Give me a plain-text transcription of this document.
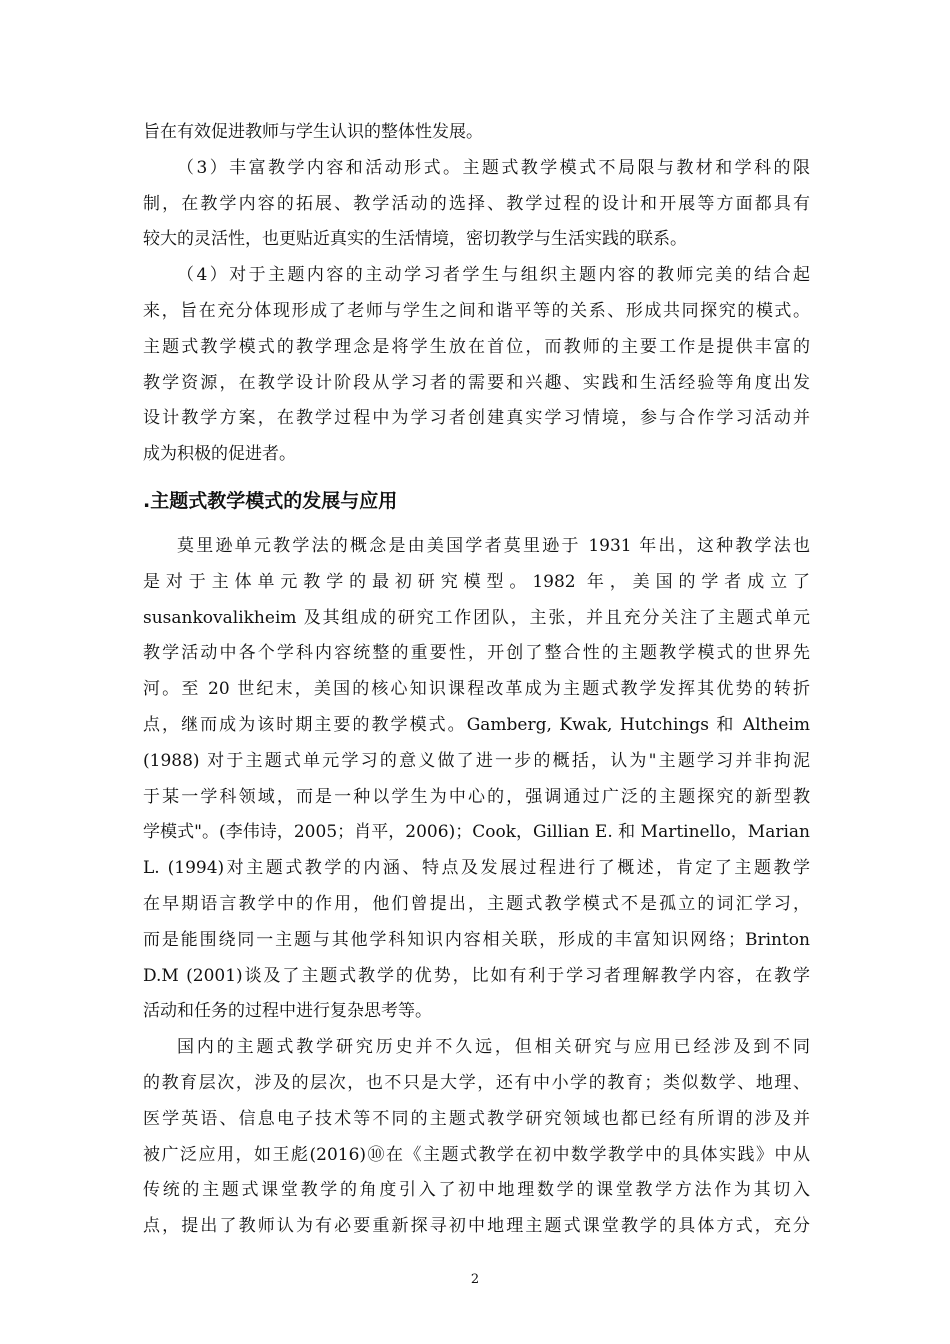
旨在有效促进教师与学生认识的整体性发展。
（3）丰富教学内容和活动形式。主题式教学模式不局限与教材和学科的限
制，在教学内容的拓展、教学活动的选择、教学过程的设计和开展等方面都具有
较大的灵活性，也更贴近真实的生活情境，密切教学与生活实践的联系。
（4）对于主题内容的主动学习者学生与组织主题内容的教师完美的结合起
来，旨在充分体现形成了老师与学生之间和谐平等的关系、形成共同探究的模式。
主题式教学模式的教学理念是将学生放在首位，而教师的主要工作是提供丰富的
教学资源，在教学设计阶段从学习者的需要和兴趣、实践和生活经验等角度出发
设计教学方案，在教学过程中为学习者创建真实学习情境，参与合作学习活动并
成为积极的促进者。
.主题式教学模式的发展与应用
莫里逊单元教学法的概念是由美国学者莫里逊于 1931 年出，这种教学法也
是对于主体单元教学的最初研究模型。1982 年，美国的学者成立了
susankovalikheim 及其组成的研究工作团队，主张，并且充分关注了主题式单元
教学活动中各个学科内容统整的重要性，开创了整合性的主题教学模式的世界先
河。至 20 世纪末，美国的核心知识课程改革成为主题式教学发挥其优势的转折
点，继而成为该时期主要的教学模式。Gamberg, Kwak, Hutchings 和 Altheim
(1988) 对于主题式单元学习的意义做了进一步的概括，认为"主题学习并非拘泥
于某一学科领域，而是一种以学生为中心的，强调通过广泛的主题探究的新型教
学模式"。(李伟诗，2005；肖平，2006)；Cook，Gillian E. 和 Martinello，Marian
L. (1994)对主题式教学的内涵、特点及发展过程进行了概述，肯定了主题教学
在早期语言教学中的作用，他们曾提出，主题式教学模式不是孤立的词汇学习，
而是能围绕同一主题与其他学科知识内容相关联，形成的丰富知识网络；Brinton
D.M (2001)谈及了主题式教学的优势，比如有利于学习者理解教学内容，在教学
活动和任务的过程中进行复杂思考等。
国内的主题式教学研究历史并不久远，但相关研究与应用已经涉及到不同
的教育层次，涉及的层次，也不只是大学，还有中小学的教育；类似数学、地理、
医学英语、信息电子技术等不同的主题式教学研究领域也都已经有所谓的涉及并
被广泛应用，如王彪(2016)⑩在《主题式教学在初中数学教学中的具体实践》中从
传统的主题式课堂教学的角度引入了初中地理数学的课堂教学方法作为其切入
点，提出了教师认为有必要重新探寻初中地理主题式课堂教学的具体方式，充分
2
